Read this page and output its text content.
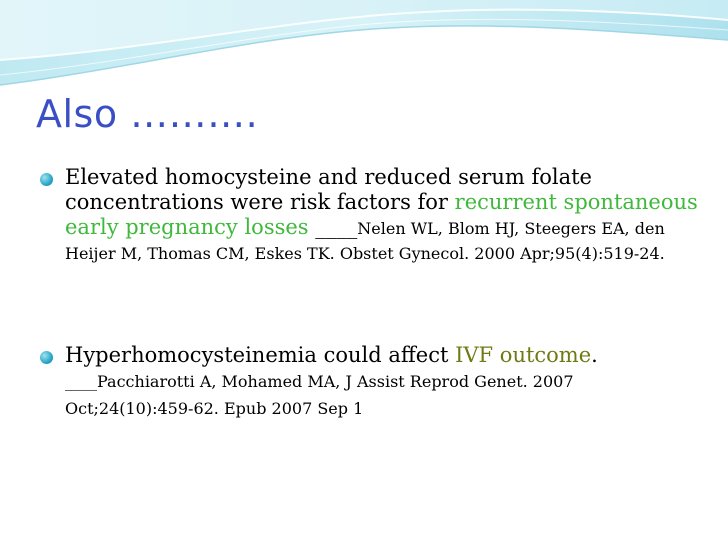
Also ……….
Elevated homocysteine and reduced serum folate concentrations were risk factors for recurrent spontaneous early pregnancy losses ____Nelen WL, Blom HJ, Steegers EA, den Heijer M, Thomas CM, Eskes TK. Obstet Gynecol. 2000 Apr;95(4):519-24.
Hyperhomocysteinemia could affect IVF outcome.
____Pacchiarotti A, Mohamed MA, J Assist Reprod Genet. 2007 Oct;24(10):459-62. Epub 2007 Sep 1
